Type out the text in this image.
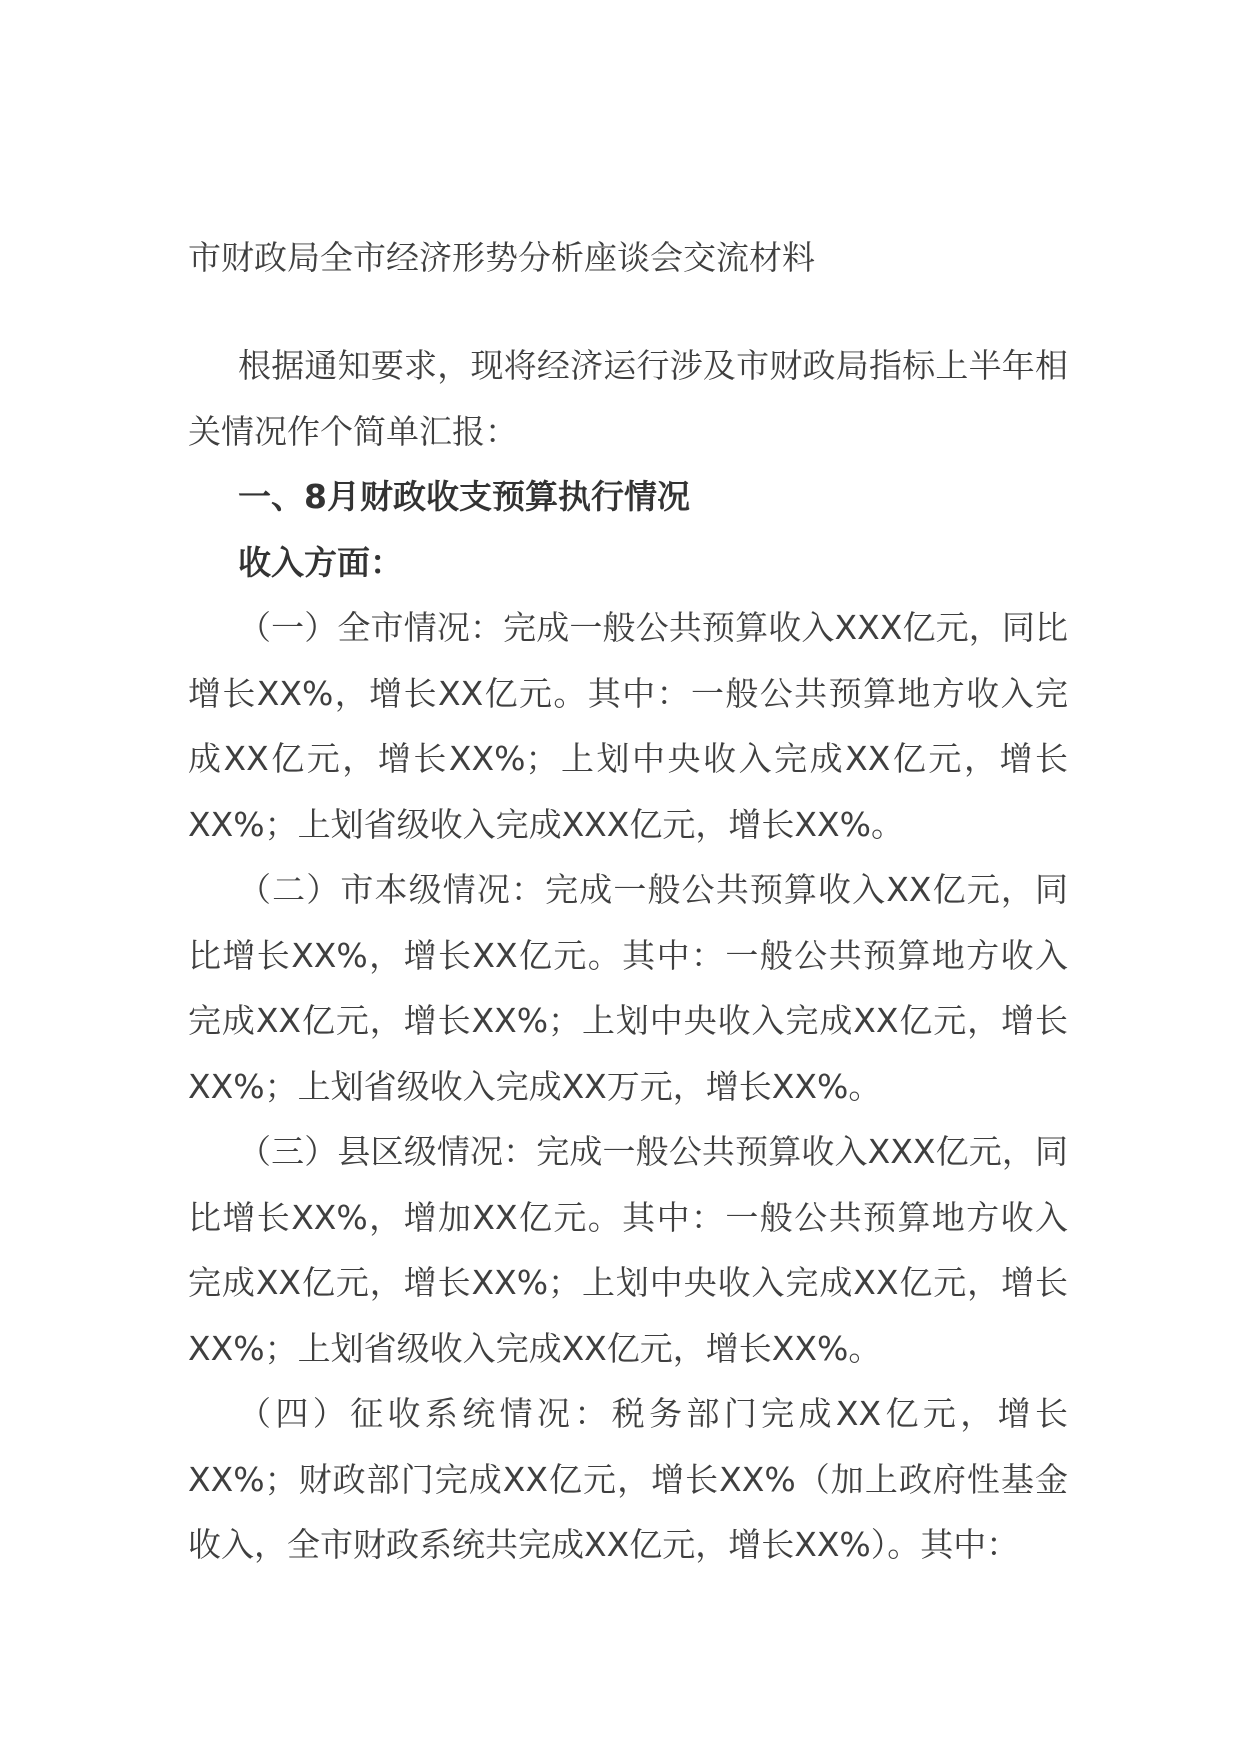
市财政局全市经济形势分析座谈会交流材料

根据通知要求，现将经济运行涉及市财政局指标上半年相关情况作个简单汇报：

一、8月财政收支预算执行情况

收入方面：

（一）全市情况：完成一般公共预算收入XXX亿元，同比增长XX%，增长XX亿元。其中：一般公共预算地方收入完成XX亿元，增长XX%；上划中央收入完成XX亿元，增长XX%；上划省级收入完成XXX亿元，增长XX%。

（二）市本级情况：完成一般公共预算收入XX亿元，同比增长XX%，增长XX亿元。其中：一般公共预算地方收入完成XX亿元，增长XX%；上划中央收入完成XX亿元，增长XX%；上划省级收入完成XX万元，增长XX%。

（三）县区级情况：完成一般公共预算收入XXX亿元，同比增长XX%，增加XX亿元。其中：一般公共预算地方收入完成XX亿元，增长XX%；上划中央收入完成XX亿元，增长XX%；上划省级收入完成XX亿元，增长XX%。

（四）征收系统情况：税务部门完成XX亿元，增长XX%；财政部门完成XX亿元，增长XX%（加上政府性基金收入，全市财政系统共完成XX亿元，增长XX%）。其中：
